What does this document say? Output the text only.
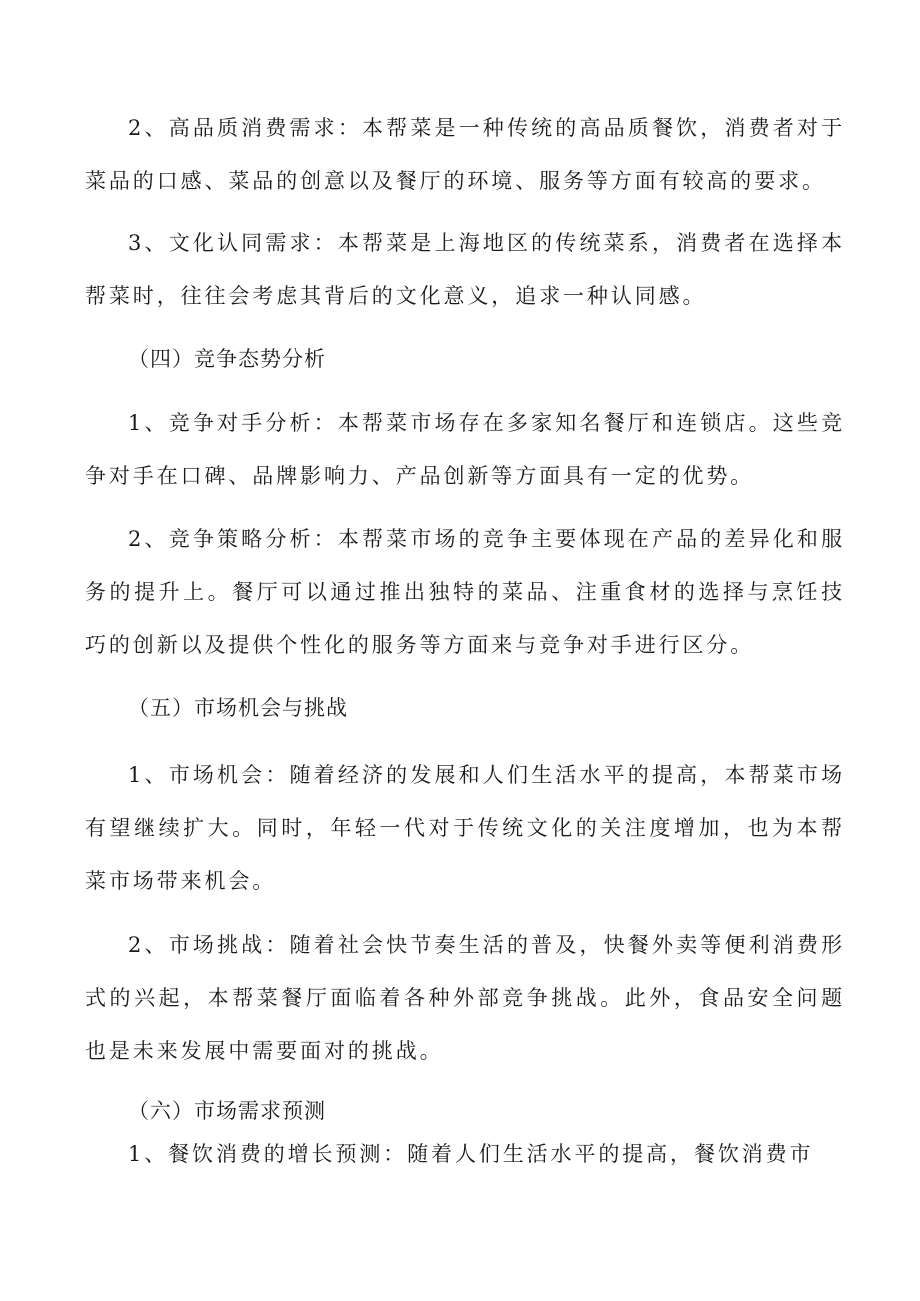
2、高品质消费需求：本帮菜是一种传统的高品质餐饮，消费者对于菜品的口感、菜品的创意以及餐厅的环境、服务等方面有较高的要求。

3、文化认同需求：本帮菜是上海地区的传统菜系，消费者在选择本帮菜时，往往会考虑其背后的文化意义，追求一种认同感。

（四）竞争态势分析

1、竞争对手分析：本帮菜市场存在多家知名餐厅和连锁店。这些竞争对手在口碑、品牌影响力、产品创新等方面具有一定的优势。

2、竞争策略分析：本帮菜市场的竞争主要体现在产品的差异化和服务的提升上。餐厅可以通过推出独特的菜品、注重食材的选择与烹饪技巧的创新以及提供个性化的服务等方面来与竞争对手进行区分。

（五）市场机会与挑战

1、市场机会：随着经济的发展和人们生活水平的提高，本帮菜市场有望继续扩大。同时，年轻一代对于传统文化的关注度增加，也为本帮菜市场带来机会。

2、市场挑战：随着社会快节奏生活的普及，快餐外卖等便利消费形式的兴起，本帮菜餐厅面临着各种外部竞争挑战。此外，食品安全问题也是未来发展中需要面对的挑战。

（六）市场需求预测

1、餐饮消费的增长预测：随着人们生活水平的提高，餐饮消费市
